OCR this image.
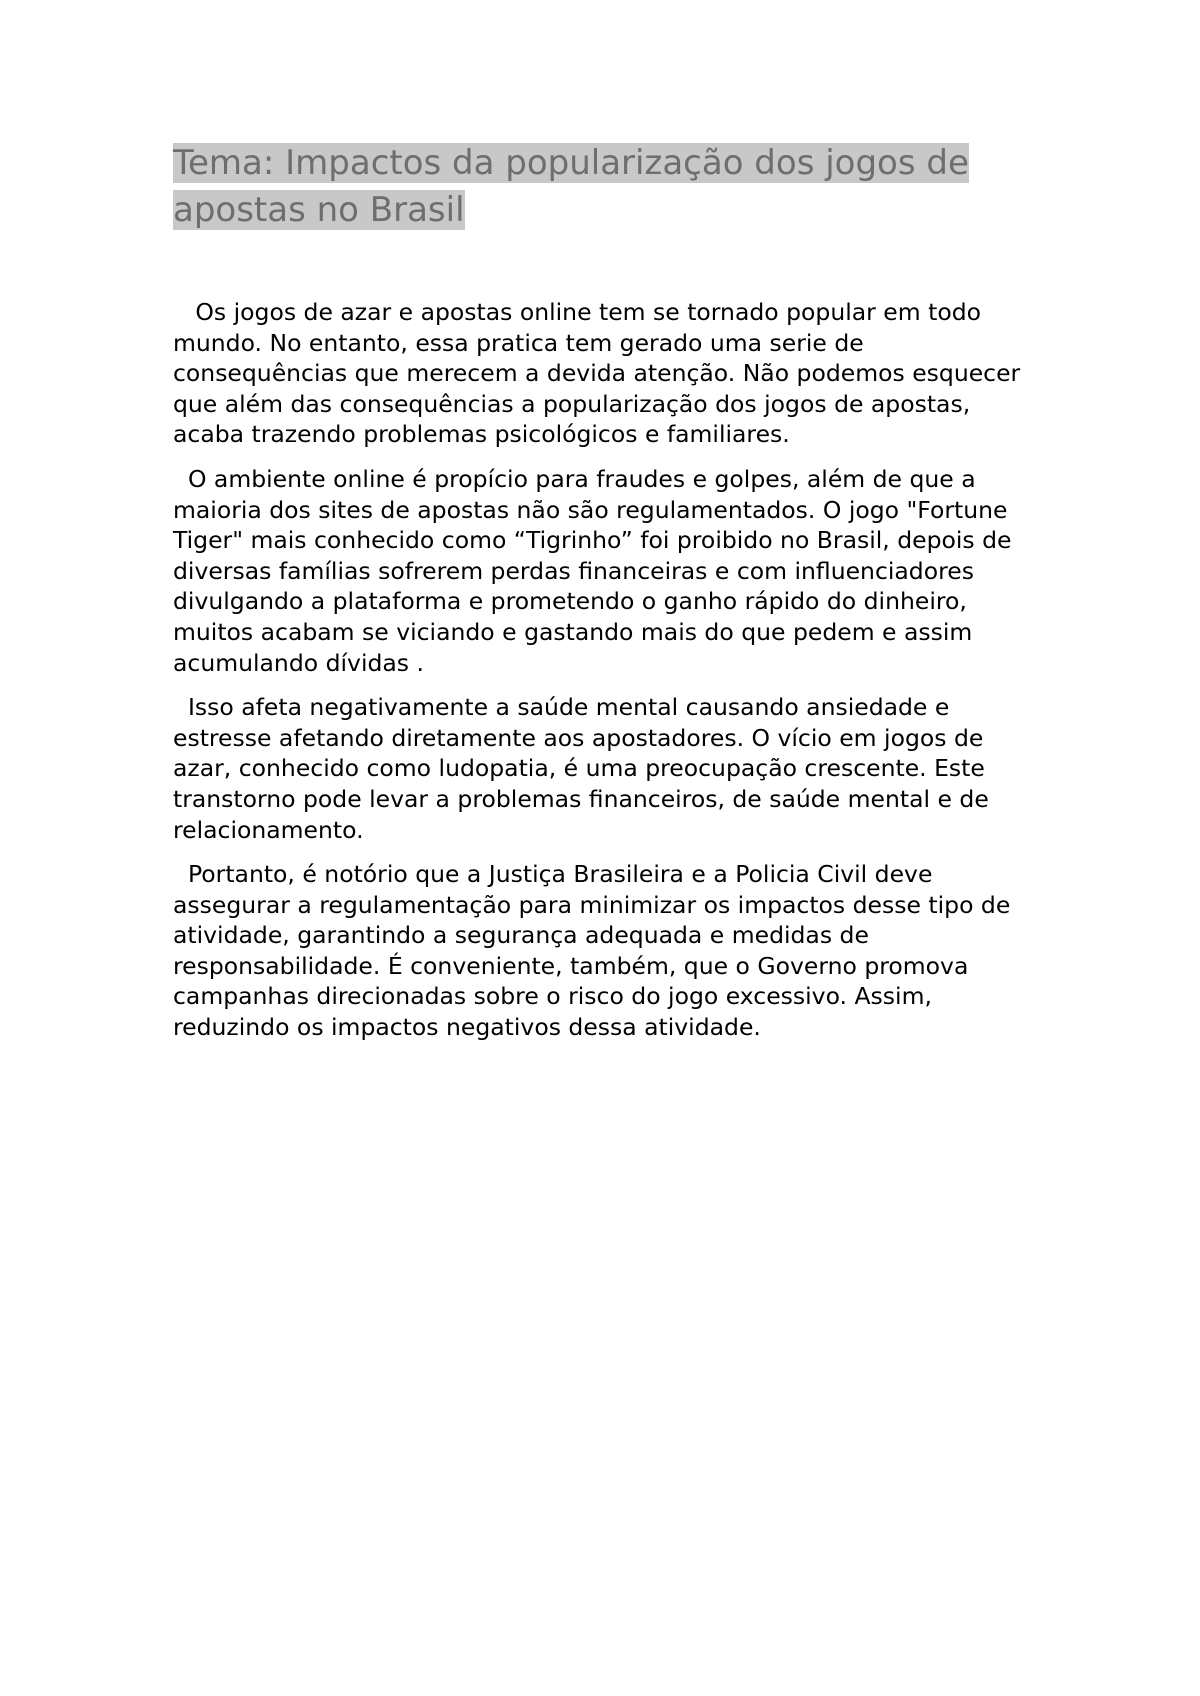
Tema: Impactos da popularização dos jogos de apostas no Brasil

Os jogos de azar e apostas online tem se tornado popular em todo mundo. No entanto, essa pratica tem gerado uma serie de consequências que merecem a devida atenção. Não podemos esquecer que além das consequências a popularização dos jogos de apostas, acaba trazendo problemas psicológicos e familiares.

O ambiente online é propício para fraudes e golpes, além de que a maioria dos sites de apostas não são regulamentados. O jogo "Fortune Tiger" mais conhecido como “Tigrinho” foi proibido no Brasil, depois de diversas famílias sofrerem perdas financeiras e com influenciadores divulgando a plataforma e prometendo o ganho rápido do dinheiro, muitos acabam se viciando e gastando mais do que pedem e assim acumulando dívidas .

Isso afeta negativamente a saúde mental causando ansiedade e estresse afetando diretamente aos apostadores. O vício em jogos de azar, conhecido como ludopatia, é uma preocupação crescente. Este transtorno pode levar a problemas financeiros, de saúde mental e de relacionamento.

Portanto, é notório que a Justiça Brasileira e a Policia Civil deve assegurar a regulamentação para minimizar os impactos desse tipo de atividade, garantindo a segurança adequada e medidas de responsabilidade. É conveniente, também, que o Governo promova campanhas direcionadas sobre o risco do jogo excessivo. Assim, reduzindo os impactos negativos dessa atividade.
